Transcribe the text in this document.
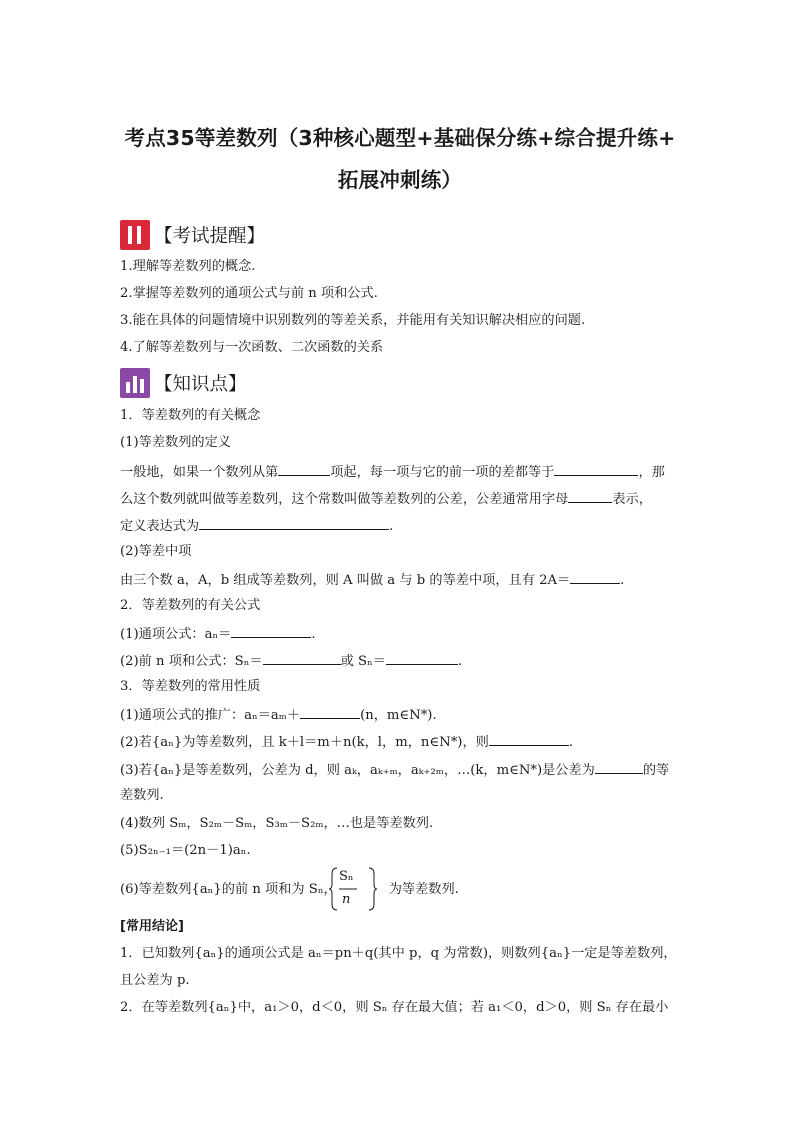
考点35等差数列（3种核心题型+基础保分练+综合提升练+
拓展冲刺练）
【考试提醒】
1.理解等差数列的概念.
2.掌握等差数列的通项公式与前 n 项和公式.
3.能在具体的问题情境中识别数列的等差关系，并能用有关知识解决相应的问题.
4.了解等差数列与一次函数、二次函数的关系
【知识点】
1．等差数列的有关概念
(1)等差数列的定义
一般地，如果一个数列从第	项起，每一项与它的前一项的差都等于	，那
么这个数列就叫做等差数列，这个常数叫做等差数列的公差，公差通常用字母	表示，
定义表达式为	.
(2)等差中项
由三个数 a，A，b 组成等差数列，则 A 叫做 a 与 b 的等差中项，且有 2A＝	.
2．等差数列的有关公式
(1)通项公式：aₙ＝	.
(2)前 n 项和公式：Sₙ＝	或 Sₙ＝	.
3．等差数列的常用性质
(1)通项公式的推广：aₙ＝aₘ＋	(n，m∈N*).
(2)若{aₙ}为等差数列，且 k＋l＝m＋n(k，l，m，n∈N*)，则	.
(3)若{aₙ}是等差数列，公差为 d，则 aₖ，aₖ₊ₘ，aₖ₊₂ₘ，…(k，m∈N*)是公差为	的等
差数列.
(4)数列 Sₘ，S₂ₘ－Sₘ，S₃ₘ－S₂ₘ，…也是等差数列.
(5)S₂ₙ₋₁＝(2n－1)aₙ.
(6)等差数列{aₙ}的前 n 项和为 Sₙ，	为等差数列.
Sₙ
n
[常用结论]
1．已知数列{aₙ}的通项公式是 aₙ＝pn＋q(其中 p，q 为常数)，则数列{aₙ}一定是等差数列，
且公差为 p.
2．在等差数列{aₙ}中，a₁＞0，d＜0，则 Sₙ 存在最大值；若 a₁＜0，d＞0，则 Sₙ 存在最小
